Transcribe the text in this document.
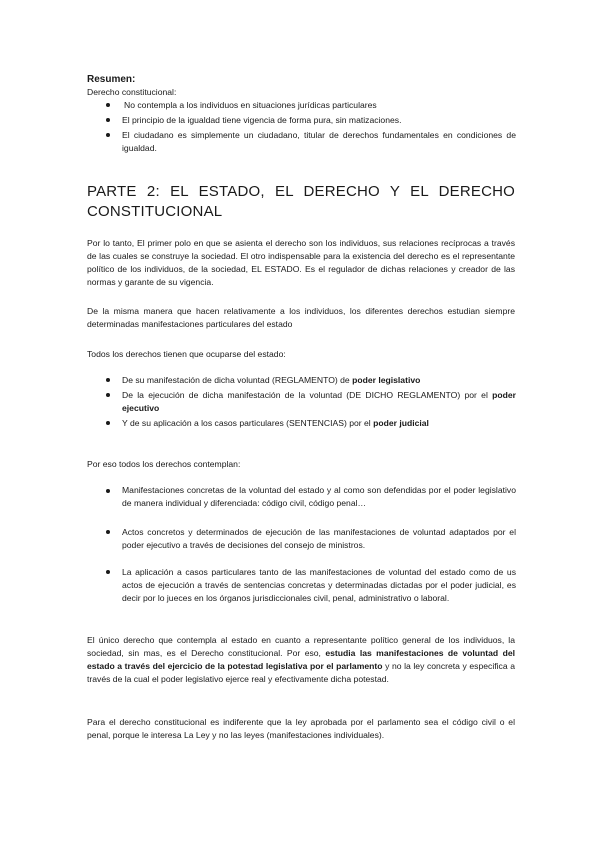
Resumen:
Derecho constitucional:
No contempla a los individuos en situaciones jurídicas particulares
El principio de la igualdad tiene vigencia de forma pura, sin matizaciones.
El ciudadano es simplemente un ciudadano, titular de derechos fundamentales en condiciones de igualdad.
PARTE 2: EL ESTADO, EL DERECHO Y EL DERECHO CONSTITUCIONAL
Por lo tanto, El primer polo en que se asienta el derecho son los individuos, sus relaciones recíprocas a través de las cuales se construye la sociedad. El otro indispensable para la existencia del derecho es el representante político de los individuos, de la sociedad, EL ESTADO. Es el regulador de dichas relaciones y creador de las normas y garante de su vigencia.
De la misma manera que hacen relativamente a los individuos, los diferentes derechos estudian siempre determinadas manifestaciones particulares del estado
Todos los derechos tienen que ocuparse del estado:
De su manifestación de dicha voluntad (REGLAMENTO) de poder legislativo
De la ejecución de dicha manifestación de la voluntad (DE DICHO REGLAMENTO) por el poder ejecutivo
Y de su aplicación a los casos particulares (SENTENCIAS) por el poder judicial
Por eso todos los derechos contemplan:
Manifestaciones concretas de la voluntad del estado y al como son defendidas por el poder legislativo de manera individual y diferenciada: código civil, código penal…
Actos concretos y determinados de ejecución de las manifestaciones de voluntad adaptados por el poder ejecutivo a través de decisiones del consejo de ministros.
La aplicación a casos particulares tanto de las manifestaciones de voluntad del estado como de us actos de ejecución a través de sentencias concretas y determinadas dictadas por el poder judicial, es decir por lo jueces en los órganos jurisdiccionales civil, penal, administrativo o laboral.
El único derecho que contempla al estado en cuanto a representante político general de los individuos, la sociedad, sin mas, es el Derecho constitucional. Por eso, estudia las manifestaciones de voluntad del estado a través del ejercicio de la potestad legislativa por el parlamento y no la ley concreta y especifica a través de la cual el poder legislativo ejerce real y efectivamente dicha potestad.
Para el derecho constitucional es indiferente que la ley aprobada por el parlamento sea el código civil o el penal, porque le interesa La Ley y no las leyes (manifestaciones individuales).
